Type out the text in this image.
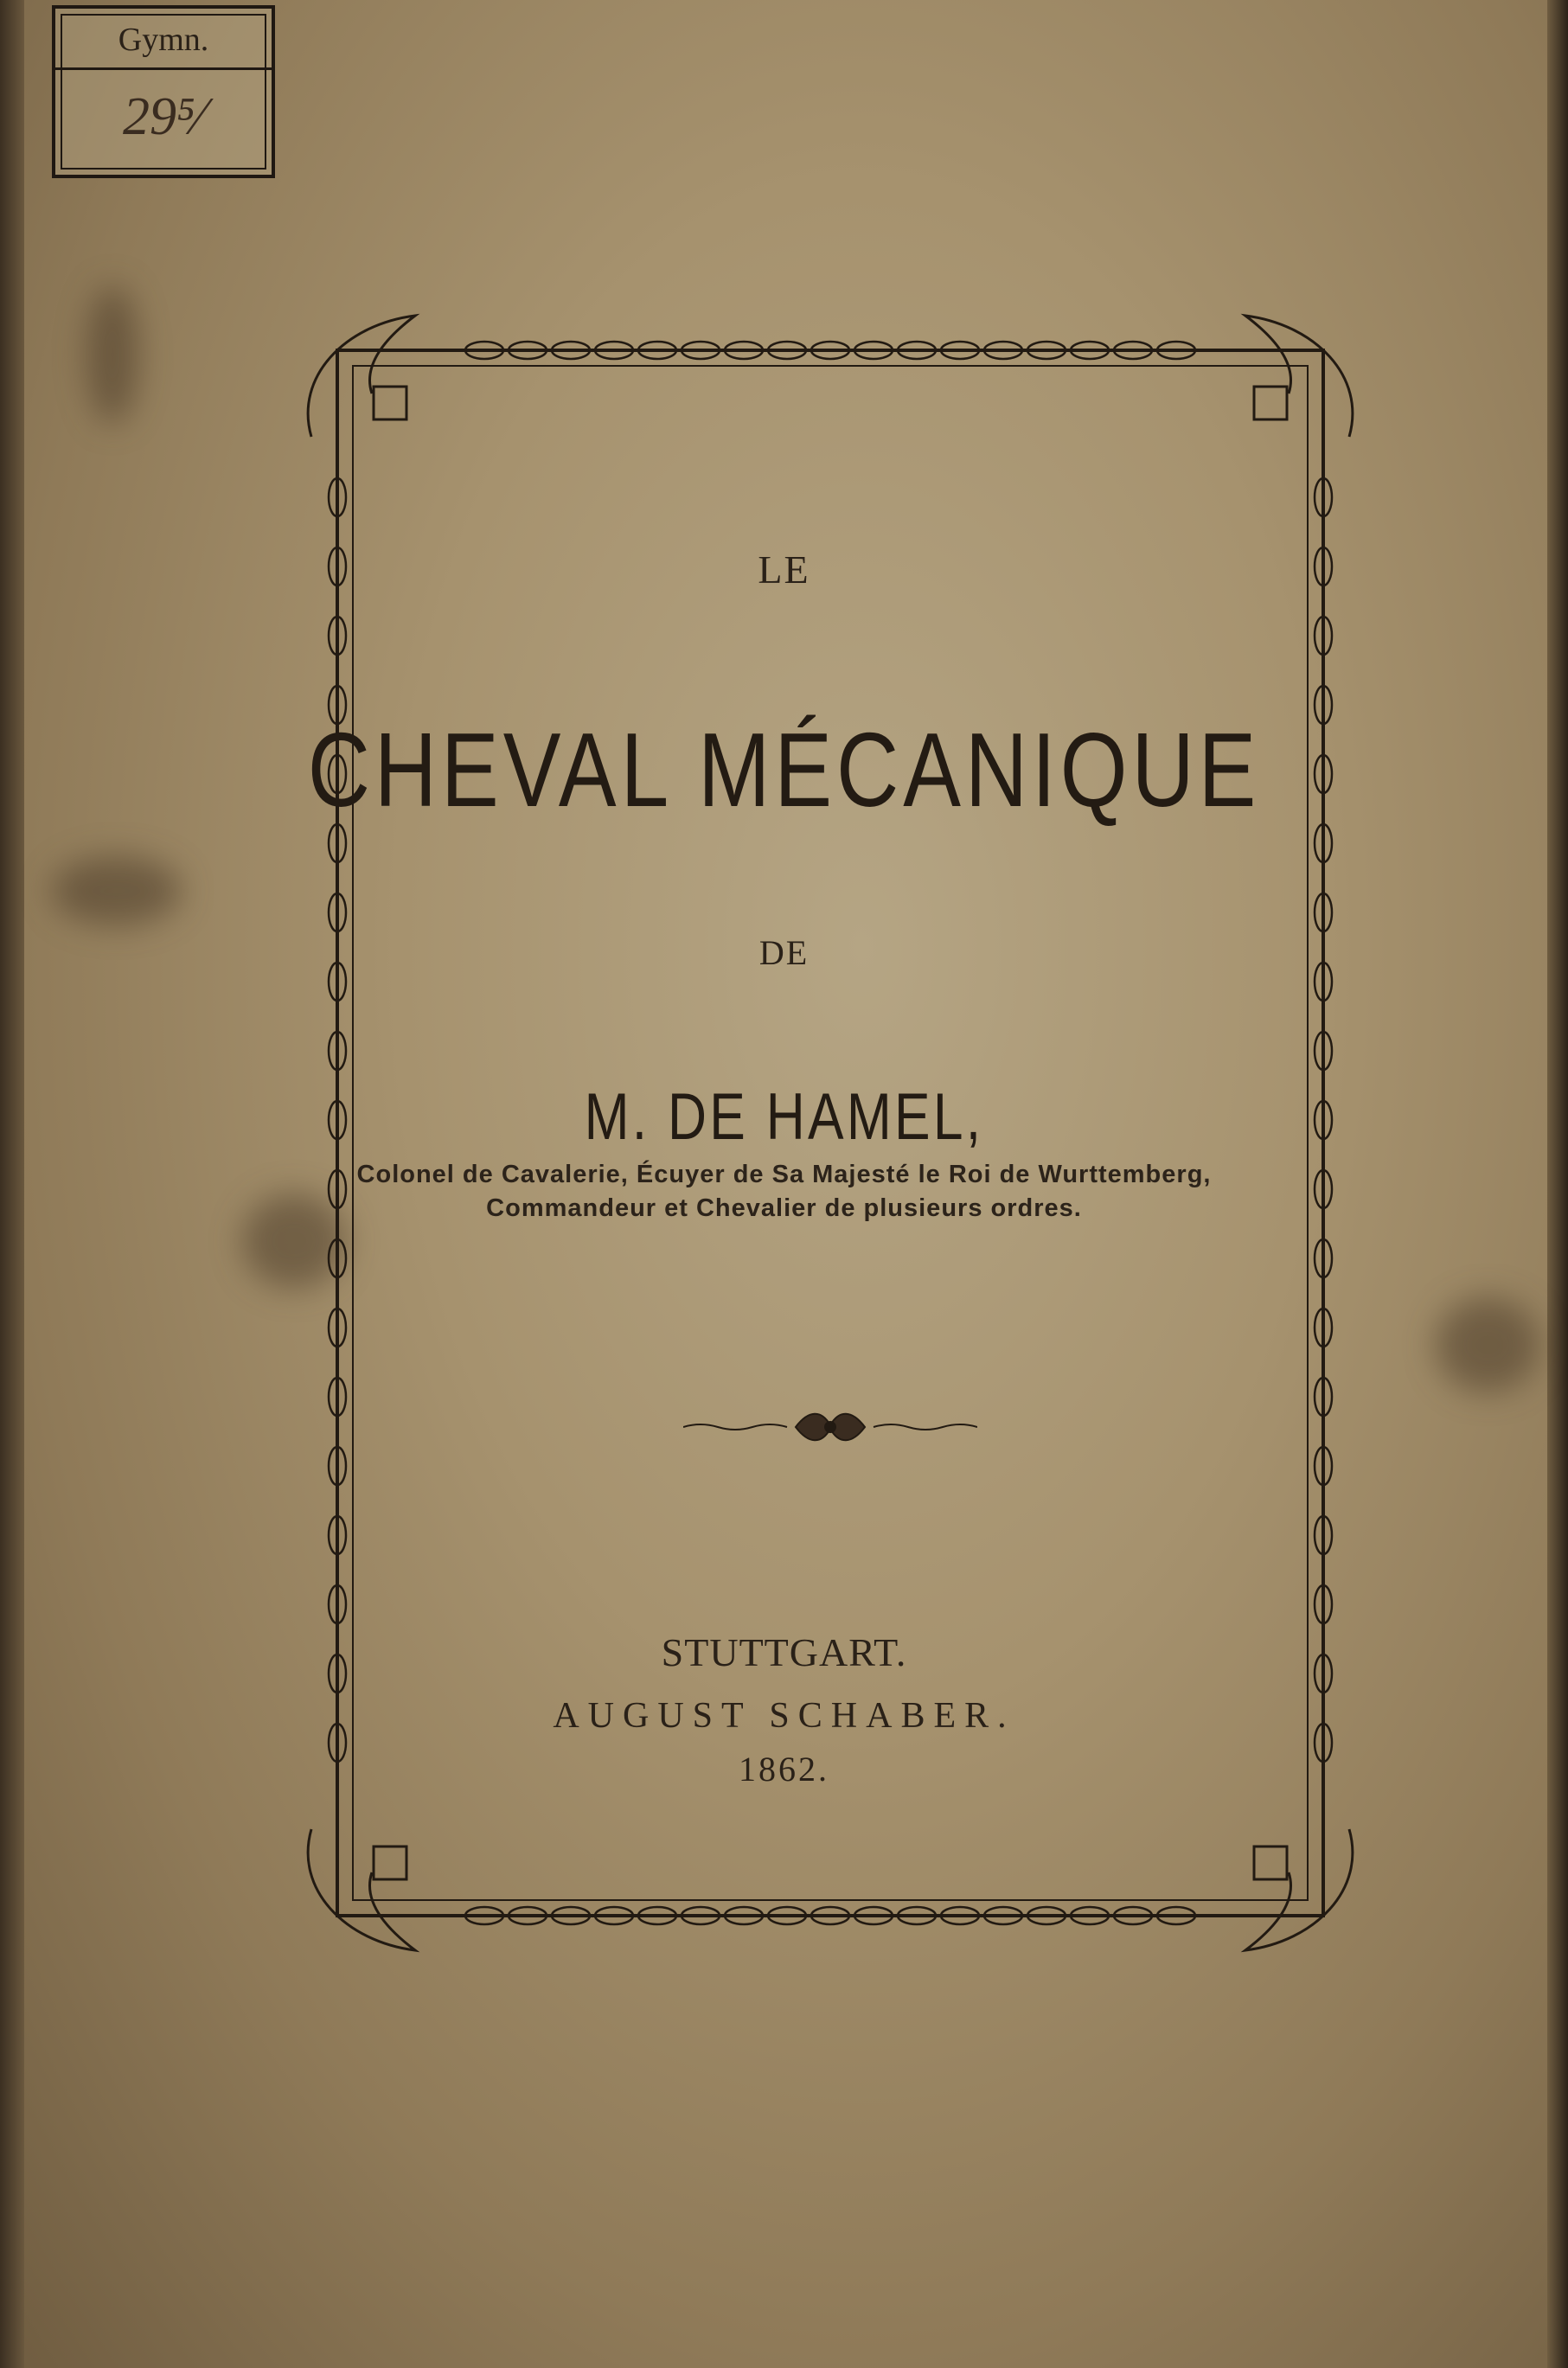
Gymn.
29⁵⁄
LE
CHEVAL MÉCANIQUE
DE
M. DE HAMEL,
Colonel de Cavalerie, Écuyer de Sa Majesté le Roi de Wurttemberg,
Commandeur et Chevalier de plusieurs ordres.
STUTTGART.
AUGUST SCHABER.
1862.
